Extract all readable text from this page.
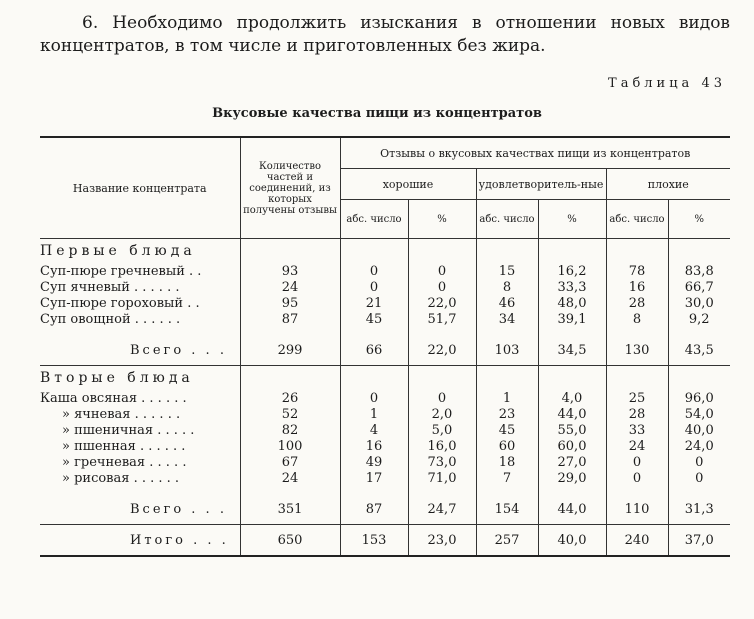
6. Необходимо продолжить изыскания в отношении новых видов концентратов, в том числе и приготовленных без жира.
Таблица 43
Вкусовые качества пищи из концентратов
Название концентрата	Количество частей и соединений, из которых получены отзывы	Отзывы о вкусовых качествах пищи из концентратов					
		хорошие		удовлетворитель-ные		плохие	
		абс. число	%	абс. число	%	абс. число	%
Первые блюда							
Суп-пюре гречневый . .	93	0	0	15	16,2	78	83,8
Суп ячневый . . . . . .	24	0	0	8	33,3	16	66,7
Суп-пюре гороховый . .	95	21	22,0	46	48,0	28	30,0
Суп овощной . . . . . .	87	45	51,7	34	39,1	8	9,2

Всего . . .	299	66	22,0	103	34,5	130	43,5
Вторые блюда							
Каша овсяная . . . . . .	26	0	0	1	4,0	25	96,0
» ячневая . . . . . .	52	1	2,0	23	44,0	28	54,0
» пшеничная . . . . .	82	4	5,0	45	55,0	33	40,0
» пшенная . . . . . .	100	16	16,0	60	60,0	24	24,0
» гречневая . . . . .	67	49	73,0	18	27,0	0	0
» рисовая . . . . . .	24	17	71,0	7	29,0	0	0

Всего . . .	351	87	24,7	154	44,0	110	31,3
Итого . . .	650	153	23,0	257	40,0	240	37,0
